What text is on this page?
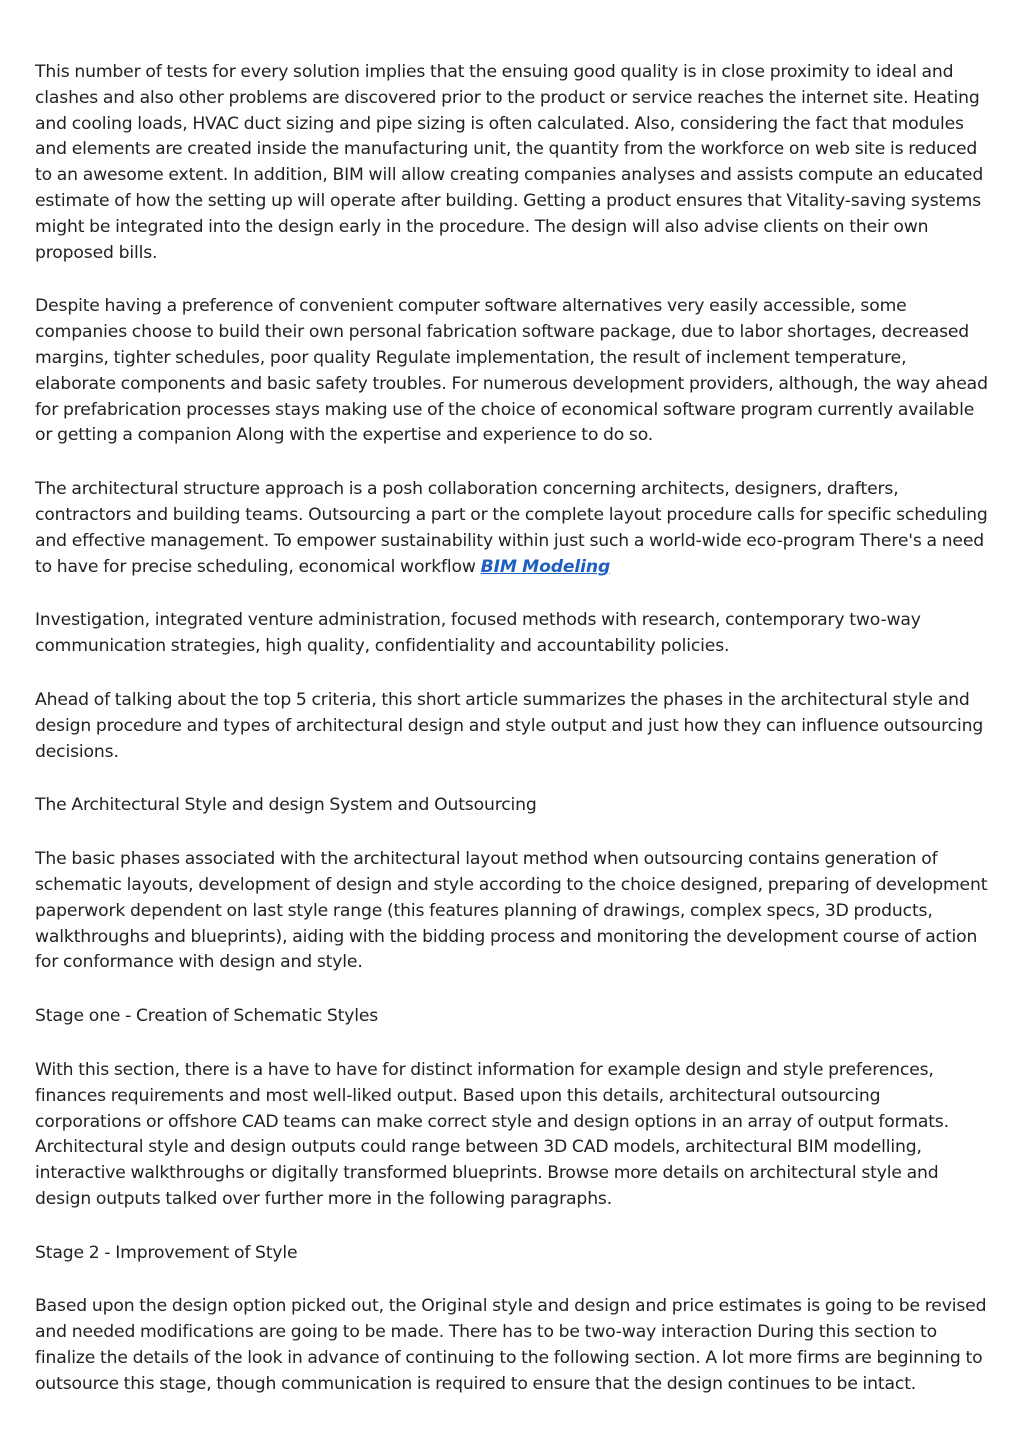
This number of tests for every solution implies that the ensuing good quality is in close proximity to ideal and clashes and also other problems are discovered prior to the product or service reaches the internet site. Heating and cooling loads, HVAC duct sizing and pipe sizing is often calculated. Also, considering the fact that modules and elements are created inside the manufacturing unit, the quantity from the workforce on web site is reduced to an awesome extent. In addition, BIM will allow creating companies analyses and assists compute an educated estimate of how the setting up will operate after building. Getting a product ensures that Vitality-saving systems might be integrated into the design early in the procedure. The design will also advise clients on their own proposed bills.

Despite having a preference of convenient computer software alternatives very easily accessible, some companies choose to build their own personal fabrication software package, due to labor shortages, decreased margins, tighter schedules, poor quality Regulate implementation, the result of inclement temperature, elaborate components and basic safety troubles. For numerous development providers, although, the way ahead for prefabrication processes stays making use of the choice of economical software program currently available or getting a companion Along with the expertise and experience to do so.

The architectural structure approach is a posh collaboration concerning architects, designers, drafters, contractors and building teams. Outsourcing a part or the complete layout procedure calls for specific scheduling and effective management. To empower sustainability within just such a world-wide eco-program There's a need to have for precise scheduling, economical workflow BIM Modeling

Investigation, integrated venture administration, focused methods with research, contemporary two-way communication strategies, high quality, confidentiality and accountability policies.

Ahead of talking about the top 5 criteria, this short article summarizes the phases in the architectural style and design procedure and types of architectural design and style output and just how they can influence outsourcing decisions.

The Architectural Style and design System and Outsourcing

The basic phases associated with the architectural layout method when outsourcing contains generation of schematic layouts, development of design and style according to the choice designed, preparing of development paperwork dependent on last style range (this features planning of drawings, complex specs, 3D products, walkthroughs and blueprints), aiding with the bidding process and monitoring the development course of action for conformance with design and style.

Stage one - Creation of Schematic Styles

With this section, there is a have to have for distinct information for example design and style preferences, finances requirements and most well-liked output. Based upon this details, architectural outsourcing corporations or offshore CAD teams can make correct style and design options in an array of output formats. Architectural style and design outputs could range between 3D CAD models, architectural BIM modelling, interactive walkthroughs or digitally transformed blueprints. Browse more details on architectural style and design outputs talked over further more in the following paragraphs.

Stage 2 - Improvement of Style

Based upon the design option picked out, the Original style and design and price estimates is going to be revised and needed modifications are going to be made. There has to be two-way interaction During this section to finalize the details of the look in advance of continuing to the following section. A lot more firms are beginning to outsource this stage, though communication is required to ensure that the design continues to be intact.
